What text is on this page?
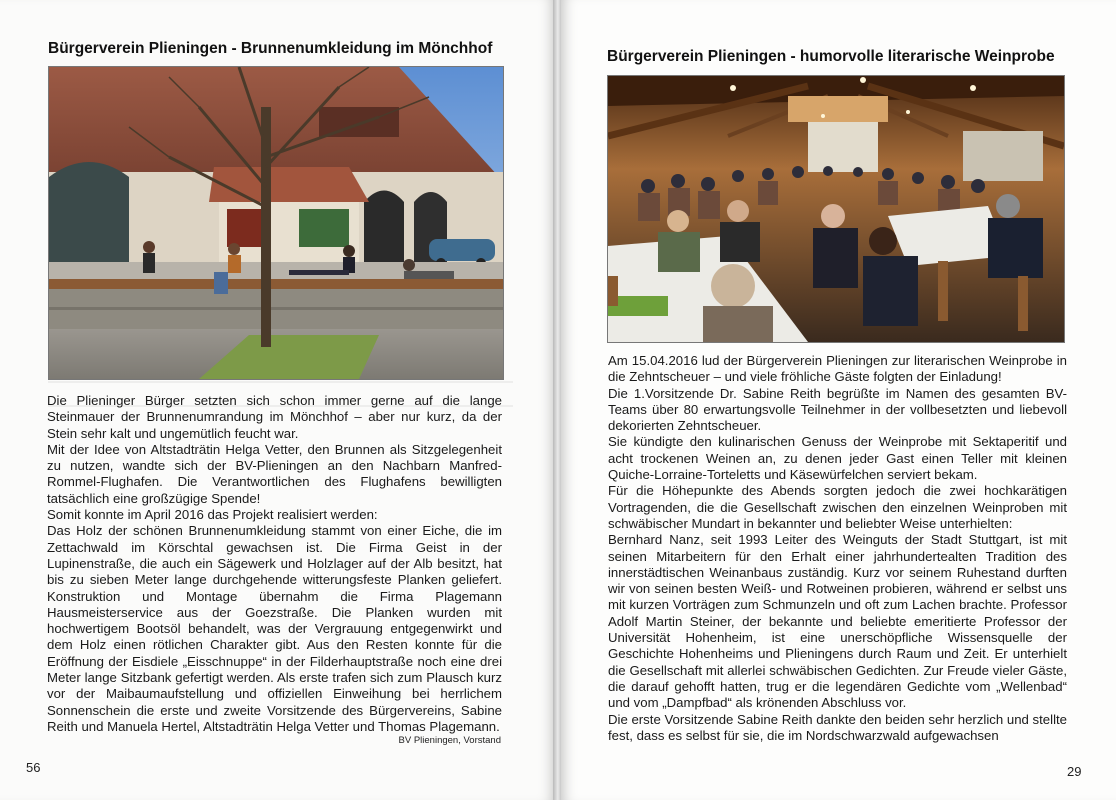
Bürgerverein Plieningen - Brunnenumkleidung im Mönchhof

Die Plieninger Bürger setzten sich schon immer gerne auf die lange Steinmauer der Brunnenumrandung im Mönchhof – aber nur kurz, da der Stein sehr kalt und ungemütlich feucht war.

Mit der Idee von Altstadträtin Helga Vetter, den Brunnen als Sitzgelegenheit zu nutzen, wandte sich der BV-Plieningen an den Nachbarn Manfred-Rommel-Flughafen. Die Verantwortlichen des Flughafens bewilligten tatsächlich eine großzügige Spende!

Somit konnte im April 2016 das Projekt realisiert werden:

Das Holz der schönen Brunnenumkleidung stammt von einer Eiche, die im Zettachwald im Körschtal gewachsen ist. Die Firma Geist in der Lupinenstraße, die auch ein Sägewerk und Holzlager auf der Alb besitzt, hat bis zu sieben Meter lange durchgehende witterungsfeste Planken geliefert. Konstruktion und Montage übernahm die Firma Plagemann Hausmeisterservice aus der Goezstraße. Die Planken wurden mit hochwertigem Bootsöl behandelt, was der Vergrauung entgegenwirkt und dem Holz einen rötlichen Charakter gibt. Aus den Resten konnte für die Eröffnung der Eisdiele „Eisschnuppe“ in der Filderhauptstraße noch eine drei Meter lange Sitzbank gefertigt werden. Als erste trafen sich zum Plausch kurz vor der Maibaumaufstellung und offiziellen Einweihung bei herrlichem Sonnenschein die erste und zweite Vorsitzende des Bürgervereins, Sabine Reith und Manuela Hertel, Altstadträtin Helga Vetter und Thomas Plagemann.

BV Plieningen, Vorstand
56
Bürgerverein Plieningen - humorvolle literarische Weinprobe

Am 15.04.2016 lud der Bürgerverein Plieningen zur literarischen Weinprobe in die Zehntscheuer – und viele fröhliche Gäste folgten der Einladung!

Die 1.Vorsitzende Dr. Sabine Reith begrüßte im Namen des gesamten BV-Teams über 80 erwartungsvolle Teilnehmer in der vollbesetzten und liebevoll dekorierten Zehntscheuer.

Sie kündigte den kulinarischen Genuss der Weinprobe mit Sektaperitif und acht trockenen Weinen an, zu denen jeder Gast einen Teller mit kleinen Quiche-Lorraine-Torteletts und Käsewürfelchen serviert bekam.

Für die Höhepunkte des Abends sorgten jedoch die zwei hochkarätigen Vortragenden, die die Gesellschaft zwischen den einzelnen Weinproben mit schwäbischer Mundart in bekannter und beliebter Weise unterhielten:

Bernhard Nanz, seit 1993 Leiter des Weinguts der Stadt Stuttgart, ist mit seinen Mitarbeitern für den Erhalt einer jahrhundertealten Tradition des innerstädtischen Weinanbaus zuständig. Kurz vor seinem Ruhestand durften wir von seinen besten Weiß- und Rotweinen probieren, während er selbst uns mit kurzen Vorträgen zum Schmunzeln und oft zum Lachen brachte. Professor Adolf Martin Steiner, der bekannte und beliebte emeritierte Professor der Universität Hohenheim, ist eine unerschöpfliche Wissensquelle der Geschichte Hohenheims und Plieningens durch Raum und Zeit. Er unterhielt die Gesellschaft mit allerlei schwäbischen Gedichten. Zur Freude vieler Gäste, die darauf gehofft hatten, trug er die legendären Gedichte vom „Wellenbad“ und vom „Dampfbad“ als krönenden Abschluss vor.

Die erste Vorsitzende Sabine Reith dankte den beiden sehr herzlich und stellte fest, dass es selbst für sie, die im Nordschwarzwald aufgewachsen

29
